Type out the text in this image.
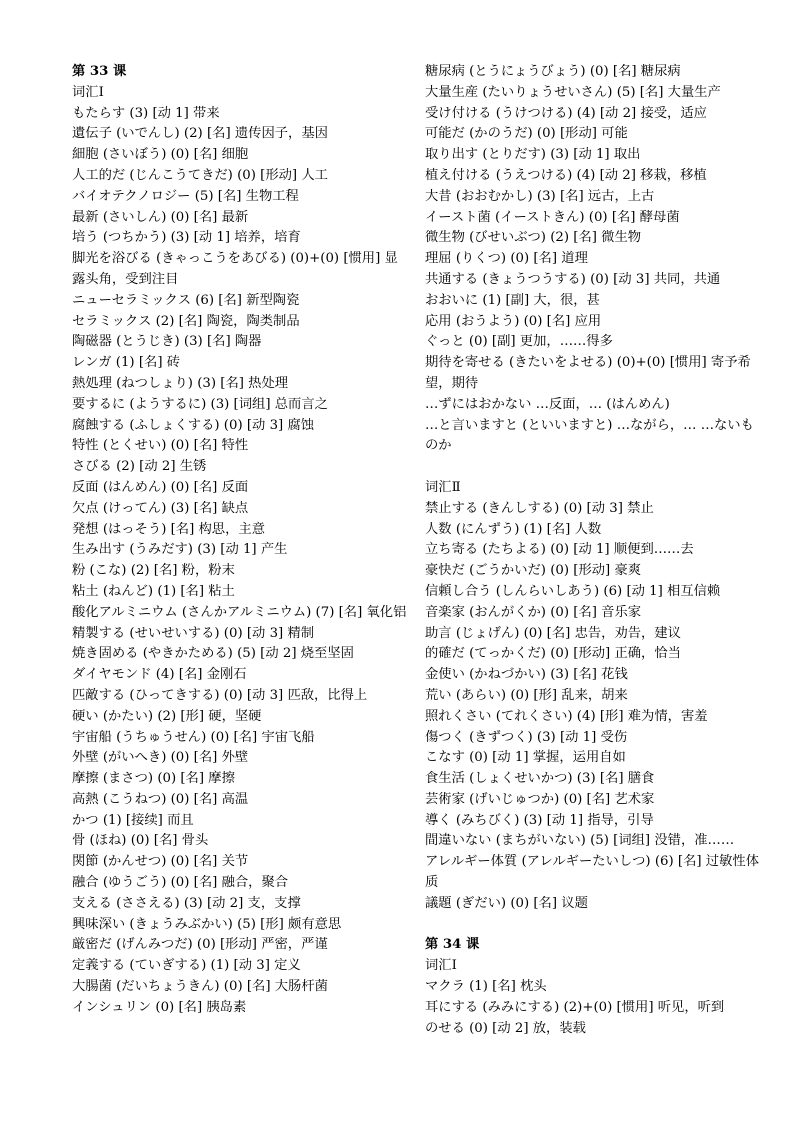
第 33 课
词汇Ⅰ
もたらす (3) [动 1] 带来
遺伝子 (いでんし) (2) [名] 遗传因子，基因
細胞 (さいぼう) (0) [名] 细胞
人工的だ (じんこうてきだ) (0) [形动] 人工
バイオテクノロジー (5) [名] 生物工程
最新 (さいしん) (0) [名] 最新
培う (つちかう) (3) [动 1] 培养，培育
脚光を浴びる (きゃっこうをあびる) (0)+(0) [惯用] 显露头角，受到注目
ニューセラミックス (6) [名] 新型陶瓷
セラミックス (2) [名] 陶瓷，陶类制品
陶磁器 (とうじき) (3) [名] 陶器
レンガ (1) [名] 砖
熱処理 (ねつしょり) (3) [名] 热处理
要するに (ようするに) (3) [词组] 总而言之
腐蝕する (ふしょくする) (0) [动 3] 腐蚀
特性 (とくせい) (0) [名] 特性
さびる (2) [动 2] 生锈
反面 (はんめん) (0) [名] 反面
欠点 (けってん) (3) [名] 缺点
発想 (はっそう) [名] 构思，主意
生み出す (うみだす) (3) [动 1] 产生
粉 (こな) (2) [名] 粉，粉末
粘土 (ねんど) (1) [名] 粘土
酸化アルミニウム (さんかアルミニウム) (7) [名] 氧化铝
精製する (せいせいする) (0) [动 3] 精制
焼き固める (やきかためる) (5) [动 2] 烧至坚固
ダイヤモンド (4) [名] 金刚石
匹敵する (ひってきする) (0) [动 3] 匹敌，比得上
硬い (かたい) (2) [形] 硬，坚硬
宇宙船 (うちゅうせん) (0) [名] 宇宙飞船
外壁 (がいへき) (0) [名] 外壁
摩擦 (まさつ) (0) [名] 摩擦
高熱 (こうねつ) (0) [名] 高温
かつ (1) [接续] 而且
骨 (ほね) (0) [名] 骨头
関節 (かんせつ) (0) [名] 关节
融合 (ゆうごう) (0) [名] 融合，聚合
支える (ささえる) (3) [动 2] 支，支撑
興味深い (きょうみぶかい) (5) [形] 颇有意思
厳密だ (げんみつだ) (0) [形动] 严密，严谨
定義する (ていぎする) (1) [动 3] 定义
大腸菌 (だいちょうきん) (0) [名] 大肠杆菌
インシュリン (0) [名] 胰岛素
糖尿病 (とうにょうびょう) (0) [名] 糖尿病
大量生産 (たいりょうせいさん) (5) [名] 大量生产
受け付ける (うけつける) (4) [动 2] 接受，适应
可能だ (かのうだ) (0) [形动] 可能
取り出す (とりだす) (3) [动 1] 取出
植え付ける (うえつける) (4) [动 2] 移栽，移植
大昔 (おおむかし) (3) [名] 远古，上古
イースト菌 (イーストきん) (0) [名] 酵母菌
微生物 (びせいぶつ) (2) [名] 微生物
理屈 (りくつ) (0) [名] 道理
共通する (きょうつうする) (0) [动 3] 共同，共通
おおいに (1) [副] 大，很，甚
応用 (おうよう) (0) [名] 应用
ぐっと (0) [副] 更加，……得多
期待を寄せる (きたいをよせる) (0)+(0) [惯用] 寄予希望，期待
…ずにはおかない …反面，… (はんめん)
…と言いますと (といいますと) …ながら，… …ないものか
词汇Ⅱ
禁止する (きんしする) (0) [动 3] 禁止
人数 (にんずう) (1) [名] 人数
立ち寄る (たちよる) (0) [动 1] 顺便到……去
豪快だ (ごうかいだ) (0) [形动] 豪爽
信頼し合う (しんらいしあう) (6) [动 1] 相互信赖
音楽家 (おんがくか) (0) [名] 音乐家
助言 (じょげん) (0) [名] 忠告，劝告，建议
的確だ (てっかくだ) (0) [形动] 正确，恰当
金使い (かねづかい) (3) [名] 花钱
荒い (あらい) (0) [形] 乱来，胡来
照れくさい (てれくさい) (4) [形] 难为情，害羞
傷つく (きずつく) (3) [动 1] 受伤
こなす (0) [动 1] 掌握，运用自如
食生活 (しょくせいかつ) (3) [名] 膳食
芸術家 (げいじゅつか) (0) [名] 艺术家
導く (みちびく) (3) [动 1] 指导，引导
間違いない (まちがいない) (5) [词组] 没错，准……
アレルギー体質 (アレルギーたいしつ) (6) [名] 过敏性体质
議題 (ぎだい) (0) [名] 议题
第 34 课
词汇Ⅰ
マクラ (1) [名] 枕头
耳にする (みみにする) (2)+(0) [惯用] 听见，听到
のせる (0) [动 2] 放，装载
